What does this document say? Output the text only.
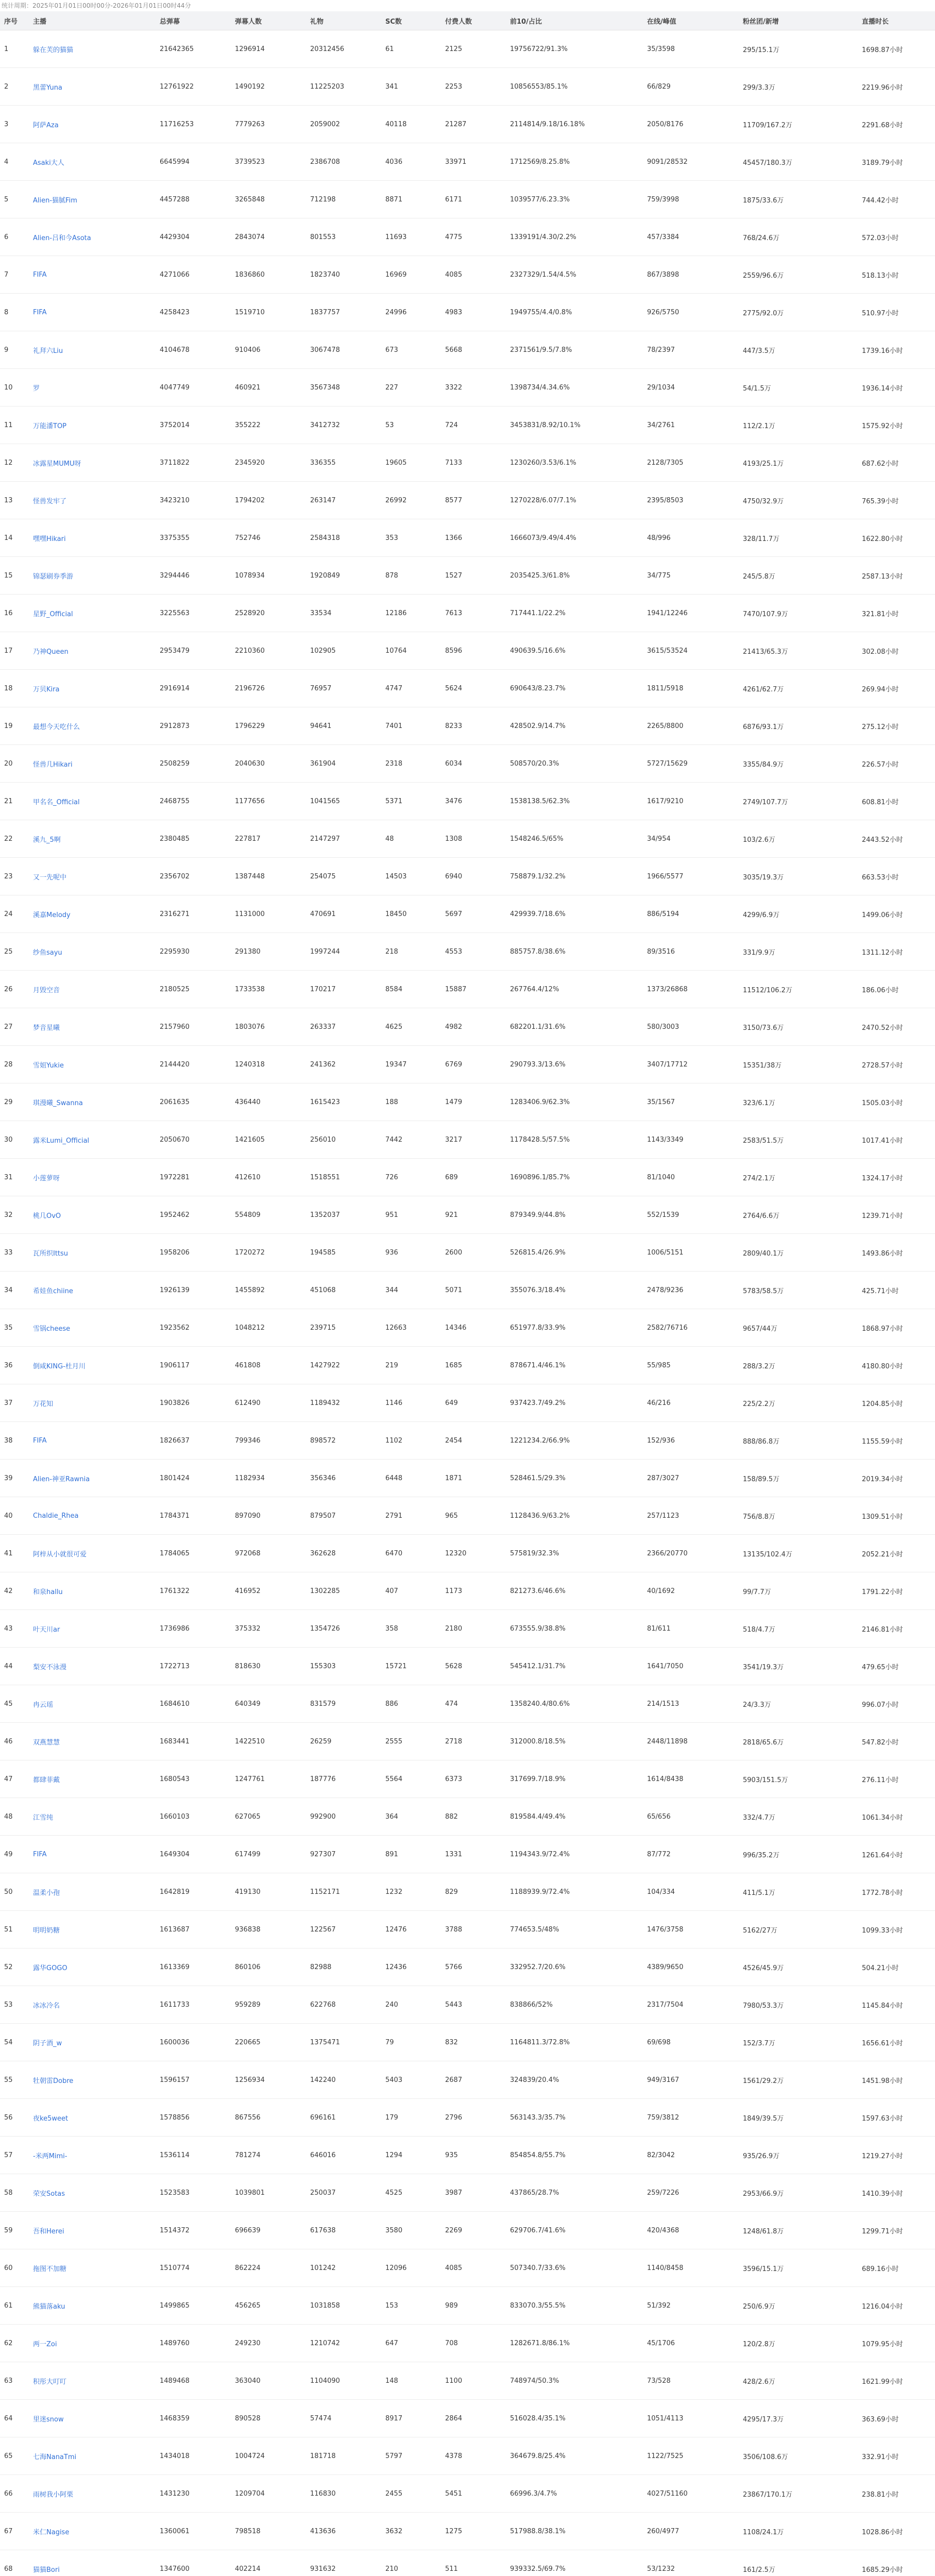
统计周期：2025年01月01日00时00分-2026年01月01日00时44分
序号	主播	总弹幕	弹幕人数	礼物	SC数	付费人数	前10/占比	在线/峰值	粉丝团/新增	直播时长
1	躲在芙的猫猫	21642365	1296914	20312456	61	2125	19756722/91.3%	35/3598	295/15.1万	1698.87小时
2	黑蕾Yuna	12761922	1490192	11225203	341	2253	10856553/85.1%	66/829	299/3.3万	2219.96小时
3	阿萨Aza	11716253	7779263	2059002	40118	21287	2114814/9.18/16.18%	2050/8176	11709/167.2万	2291.68小时
4	Asaki大人	6645994	3739523	2386708	4036	33971	1712569/8.25.8%	9091/28532	45457/180.3万	3189.79小时
5	Alien-猫腻Fim	4457288	3265848	712198	8871	6171	1039577/6.23.3%	759/3998	1875/33.6万	744.42小时
6	Alien-吕和今Asota	4429304	2843074	801553	11693	4775	1339191/4.30/2.2%	457/3384	768/24.6万	572.03小时
7	FIFA	4271066	1836860	1823740	16969	4085	2327329/1.54/4.5%	867/3898	2559/96.6万	518.13小时
8	FIFA	4258423	1519710	1837757	24996	4983	1949755/4.4/0.8%	926/5750	2775/92.0万	510.97小时
9	礼拜六Liu	4104678	910406	3067478	673	5668	2371561/9.5/7.8%	78/2397	447/3.5万	1739.16小时
10	罗	4047749	460921	3567348	227	3322	1398734/4.34.6%	29/1034	54/1.5万	1936.14小时
11	万能潘TOP	3752014	355222	3412732	53	724	3453831/8.92/10.1%	34/2761	112/2.1万	1575.92小时
12	冰露星MUMU呀	3711822	2345920	336355	19605	7133	1230260/3.53/6.1%	2128/7305	4193/25.1万	687.62小时
13	怪兽发牢了	3423210	1794202	263147	26992	8577	1270228/6.07/7.1%	2395/8503	4750/32.9万	765.39小时
14	嘿嘿Hikari	3375355	752746	2584318	353	1366	1666073/9.49/4.4%	48/996	328/11.7万	1622.80小时
15	锦瑟刷券季游	3294446	1078934	1920849	878	1527	2035425.3/61.8%	34/775	245/5.8万	2587.13小时
16	星野_Official	3225563	2528920	33534	12186	7613	717441.1/22.2%	1941/12246	7470/107.9万	321.81小时
17	乃神Queen	2953479	2210360	102905	10764	8596	490639.5/16.6%	3615/53524	21413/65.3万	302.08小时
18	万贝Kira	2916914	2196726	76957	4747	5624	690643/8.23.7%	1811/5918	4261/62.7万	269.94小时
19	最想今天吃什么	2912873	1796229	94641	7401	8233	428502.9/14.7%	2265/8800	6876/93.1万	275.12小时
20	怪兽几Hikari	2508259	2040630	361904	2318	6034	508570/20.3%	5727/15629	3355/84.9万	226.57小时
21	甲名名_Official	2468755	1177656	1041565	5371	3476	1538138.5/62.3%	1617/9210	2749/107.7万	608.81小时
22	溪九_5啊	2380485	227817	2147297	48	1308	1548246.5/65%	34/954	103/2.6万	2443.52小时
23	又一先呢中	2356702	1387448	254075	14503	6940	758879.1/32.2%	1966/5577	3035/19.3万	663.53小时
24	溪嘉Melody	2316271	1131000	470691	18450	5697	429939.7/18.6%	886/5194	4299/6.9万	1499.06小时
25	纱鱼sayu	2295930	291380	1997244	218	4553	885757.8/38.6%	89/3516	331/9.9万	1311.12小时
26	月毁空音	2180525	1733538	170217	8584	15887	267764.4/12%	1373/26868	11512/106.2万	186.06小时
27	梦音星曦	2157960	1803076	263337	4625	4982	682201.1/31.6%	580/3003	3150/73.6万	2470.52小时
28	雪姐Yukie	2144420	1240318	241362	19347	6769	290793.3/13.6%	3407/17712	15351/38万	2728.57小时
29	琪漫曦_Swanna	2061635	436440	1615423	188	1479	1283406.9/62.3%	35/1567	323/6.1万	1505.03小时
30	露米Lumi_Official	2050670	1421605	256010	7442	3217	1178428.5/57.5%	1143/3349	2583/51.5万	1017.41小时
31	小莲萝呀	1972281	412610	1518551	726	689	1690896.1/85.7%	81/1040	274/2.1万	1324.17小时
32	桃几OvO	1952462	554809	1352037	951	921	879349.9/44.8%	552/1539	2764/6.6万	1239.71小时
33	瓦所织Ittsu	1958206	1720272	194585	936	2600	526815.4/26.9%	1006/5151	2809/40.1万	1493.86小时
34	希娃鱼chiine	1926139	1455892	451068	344	5071	355076.3/18.4%	2478/9236	5783/58.5万	425.71小时
35	雪锅cheese	1923562	1048212	239715	12663	14346	651977.8/33.9%	2582/76716	9657/44万	1868.97小时
36	倒咸KING-杜月川	1906117	461808	1427922	219	1685	878671.4/46.1%	55/985	288/3.2万	4180.80小时
37	万花知	1903826	612490	1189432	1146	649	937423.7/49.2%	46/216	225/2.2万	1204.85小时
38	FIFA	1826637	799346	898572	1102	2454	1221234.2/66.9%	152/936	888/86.8万	1155.59小时
39	Alien-神亚Rawnia	1801424	1182934	356346	6448	1871	528461.5/29.3%	287/3027	158/89.5万	2019.34小时
40	Chaldie_Rhea	1784371	897090	879507	2791	965	1128436.9/63.2%	257/1123	756/8.8万	1309.51小时
41	阿梓从小就很可爱	1784065	972068	362628	6470	12320	575819/32.3%	2366/20770	13135/102.4万	2052.21小时
42	和泉hallu	1761322	416952	1302285	407	1173	821273.6/46.6%	40/1692	99/7.7万	1791.22小时
43	叶天川ar	1736986	375332	1354726	358	2180	673555.9/38.8%	81/611	518/4.7万	2146.81小时
44	梨安不泳漫	1722713	818630	155303	15721	5628	545412.1/31.7%	1641/7050	3541/19.3万	479.65小时
45	冉云瑶	1684610	640349	831579	886	474	1358240.4/80.6%	214/1513	24/3.3万	996.07小时
46	双燕慧慧	1683441	1422510	26259	2555	2718	312000.8/18.5%	2448/11898	2818/65.6万	547.82小时
47	都肆菲戴	1680543	1247761	187776	5564	6373	317699.7/18.9%	1614/8438	5903/151.5万	276.11小时
48	江雪纯	1660103	627065	992900	364	882	819584.4/49.4%	65/656	332/4.7万	1061.34小时
49	FIFA	1649304	617499	927307	891	1331	1194343.9/72.4%	87/772	996/35.2万	1261.64小时
50	温柔小孢	1642819	419130	1152171	1232	829	1188939.9/72.4%	104/334	411/5.1万	1772.78小时
51	明明奶糖	1613687	936838	122567	12476	3788	774653.5/48%	1476/3758	5162/27万	1099.33小时
52	露华GOGO	1613369	860106	82988	12436	5766	332952.7/20.6%	4389/9650	4526/45.9万	504.21小时
53	冰冰冷名	1611733	959289	622768	240	5443	838866/52%	2317/7504	7980/53.3万	1145.84小时
54	阴子酒_w	1600036	220665	1375471	79	832	1164811.3/72.8%	69/698	152/3.7万	1656.61小时
55	牡朝雷Dobre	1596157	1256934	142240	5403	2687	324839/20.4%	949/3167	1561/29.2万	1451.98小时
56	夜ke5weet	1578856	867556	696161	179	2796	563143.3/35.7%	759/3812	1849/39.5万	1597.63小时
57	-米两Mimi-	1536114	781274	646016	1294	935	854854.8/55.7%	82/3042	935/26.9万	1219.27小时
58	荣安Sotas	1523583	1039801	250037	4525	3987	437865/28.7%	259/7226	2953/66.9万	1410.39小时
59	吾和Herei	1514372	696639	617638	3580	2269	629706.7/41.6%	420/4368	1248/61.8万	1299.71小时
60	拖图不加糖	1510774	862224	101242	12096	4085	507340.7/33.6%	1140/8458	3596/15.1万	689.16小时
61	熊猫落aku	1499865	456265	1031858	153	989	833070.3/55.5%	51/392	250/6.9万	1216.04小时
62	两一Zoi	1489760	249230	1210742	647	708	1282671.8/86.1%	45/1706	120/2.8万	1079.95小时
63	积彤大叮叮	1489468	363040	1104090	148	1100	748974/50.3%	73/528	428/2.6万	1621.99小时
64	里迷snow	1468359	890528	57474	8917	2864	516028.4/35.1%	1051/4113	4295/17.3万	363.69小时
65	七海NanaTmi	1434018	1004724	181718	5797	4378	364679.8/25.4%	1122/7525	3506/108.6万	332.91小时
66	雨树我小阿栗	1431230	1209704	116830	2455	5451	66996.3/4.7%	4027/51160	23867/170.1万	238.81小时
67	米仁Nagise	1360061	798518	413636	3632	1275	517988.8/38.1%	260/4977	1108/24.1万	1028.86小时
68	猫猫Bori	1347600	402214	931632	210	511	939332.5/69.7%	53/1232	161/2.5万	1685.29小时
